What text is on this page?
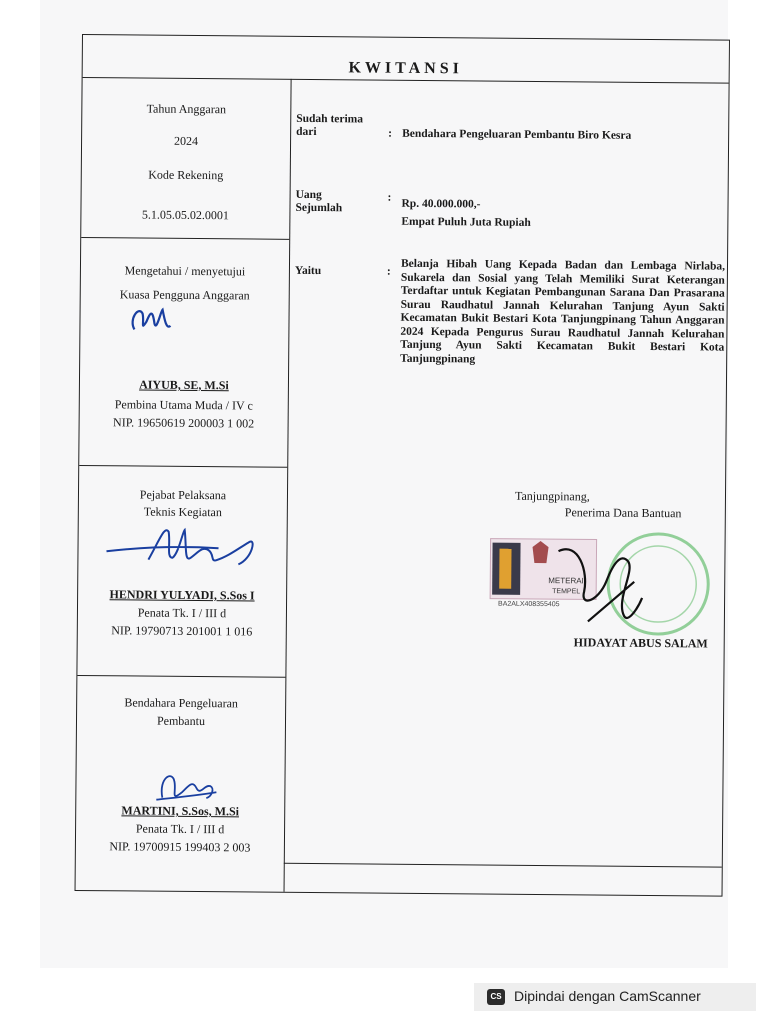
KWITANSI
Tahun Anggaran
2024
Kode Rekening
5.1.05.05.02.0001
Mengetahui / menyetujui
Kuasa Pengguna Anggaran
AIYUB, SE, M.Si
Pembina Utama Muda / IV c
NIP. 19650619 200003 1 002
Pejabat Pelaksana
Teknis Kegiatan
HENDRI YULYADI, S.Sos I
Penata Tk. I / III d
NIP. 19790713 201001 1 016
Bendahara Pengeluaran
Pembantu
MARTINI, S.Sos, M.Si
Penata Tk. I / III d
NIP. 19700915 199403 2 003
Sudah terima
dari	: Bendahara Pengeluaran Pembantu Biro Kesra
Uang
Sejumlah
:
Rp. 40.000.000,-
Empat Puluh Juta Rupiah
Yaitu	: Belanja Hibah Uang Kepada Badan dan Lembaga Nirlaba, Sukarela dan Sosial yang Telah Memiliki Surat Keterangan Terdaftar untuk Kegiatan Pembangunan Sarana Dan Prasarana Surau Raudhatul Jannah Kelurahan Tanjung Ayun Sakti Kecamatan Bukit Bestari Kota Tanjungpinang Tahun Anggaran 2024 Kepada Pengurus Surau Raudhatul Jannah Kelurahan Tanjung Ayun Sakti Kecamatan Bukit Bestari Kota Tanjungpinang
Tanjungpinang,
Penerima Dana Bantuan
METERAI
TEMPEL
BA2ALX408355405
HIDAYAT ABUS SALAM
CS Dipindai dengan CamScanner
